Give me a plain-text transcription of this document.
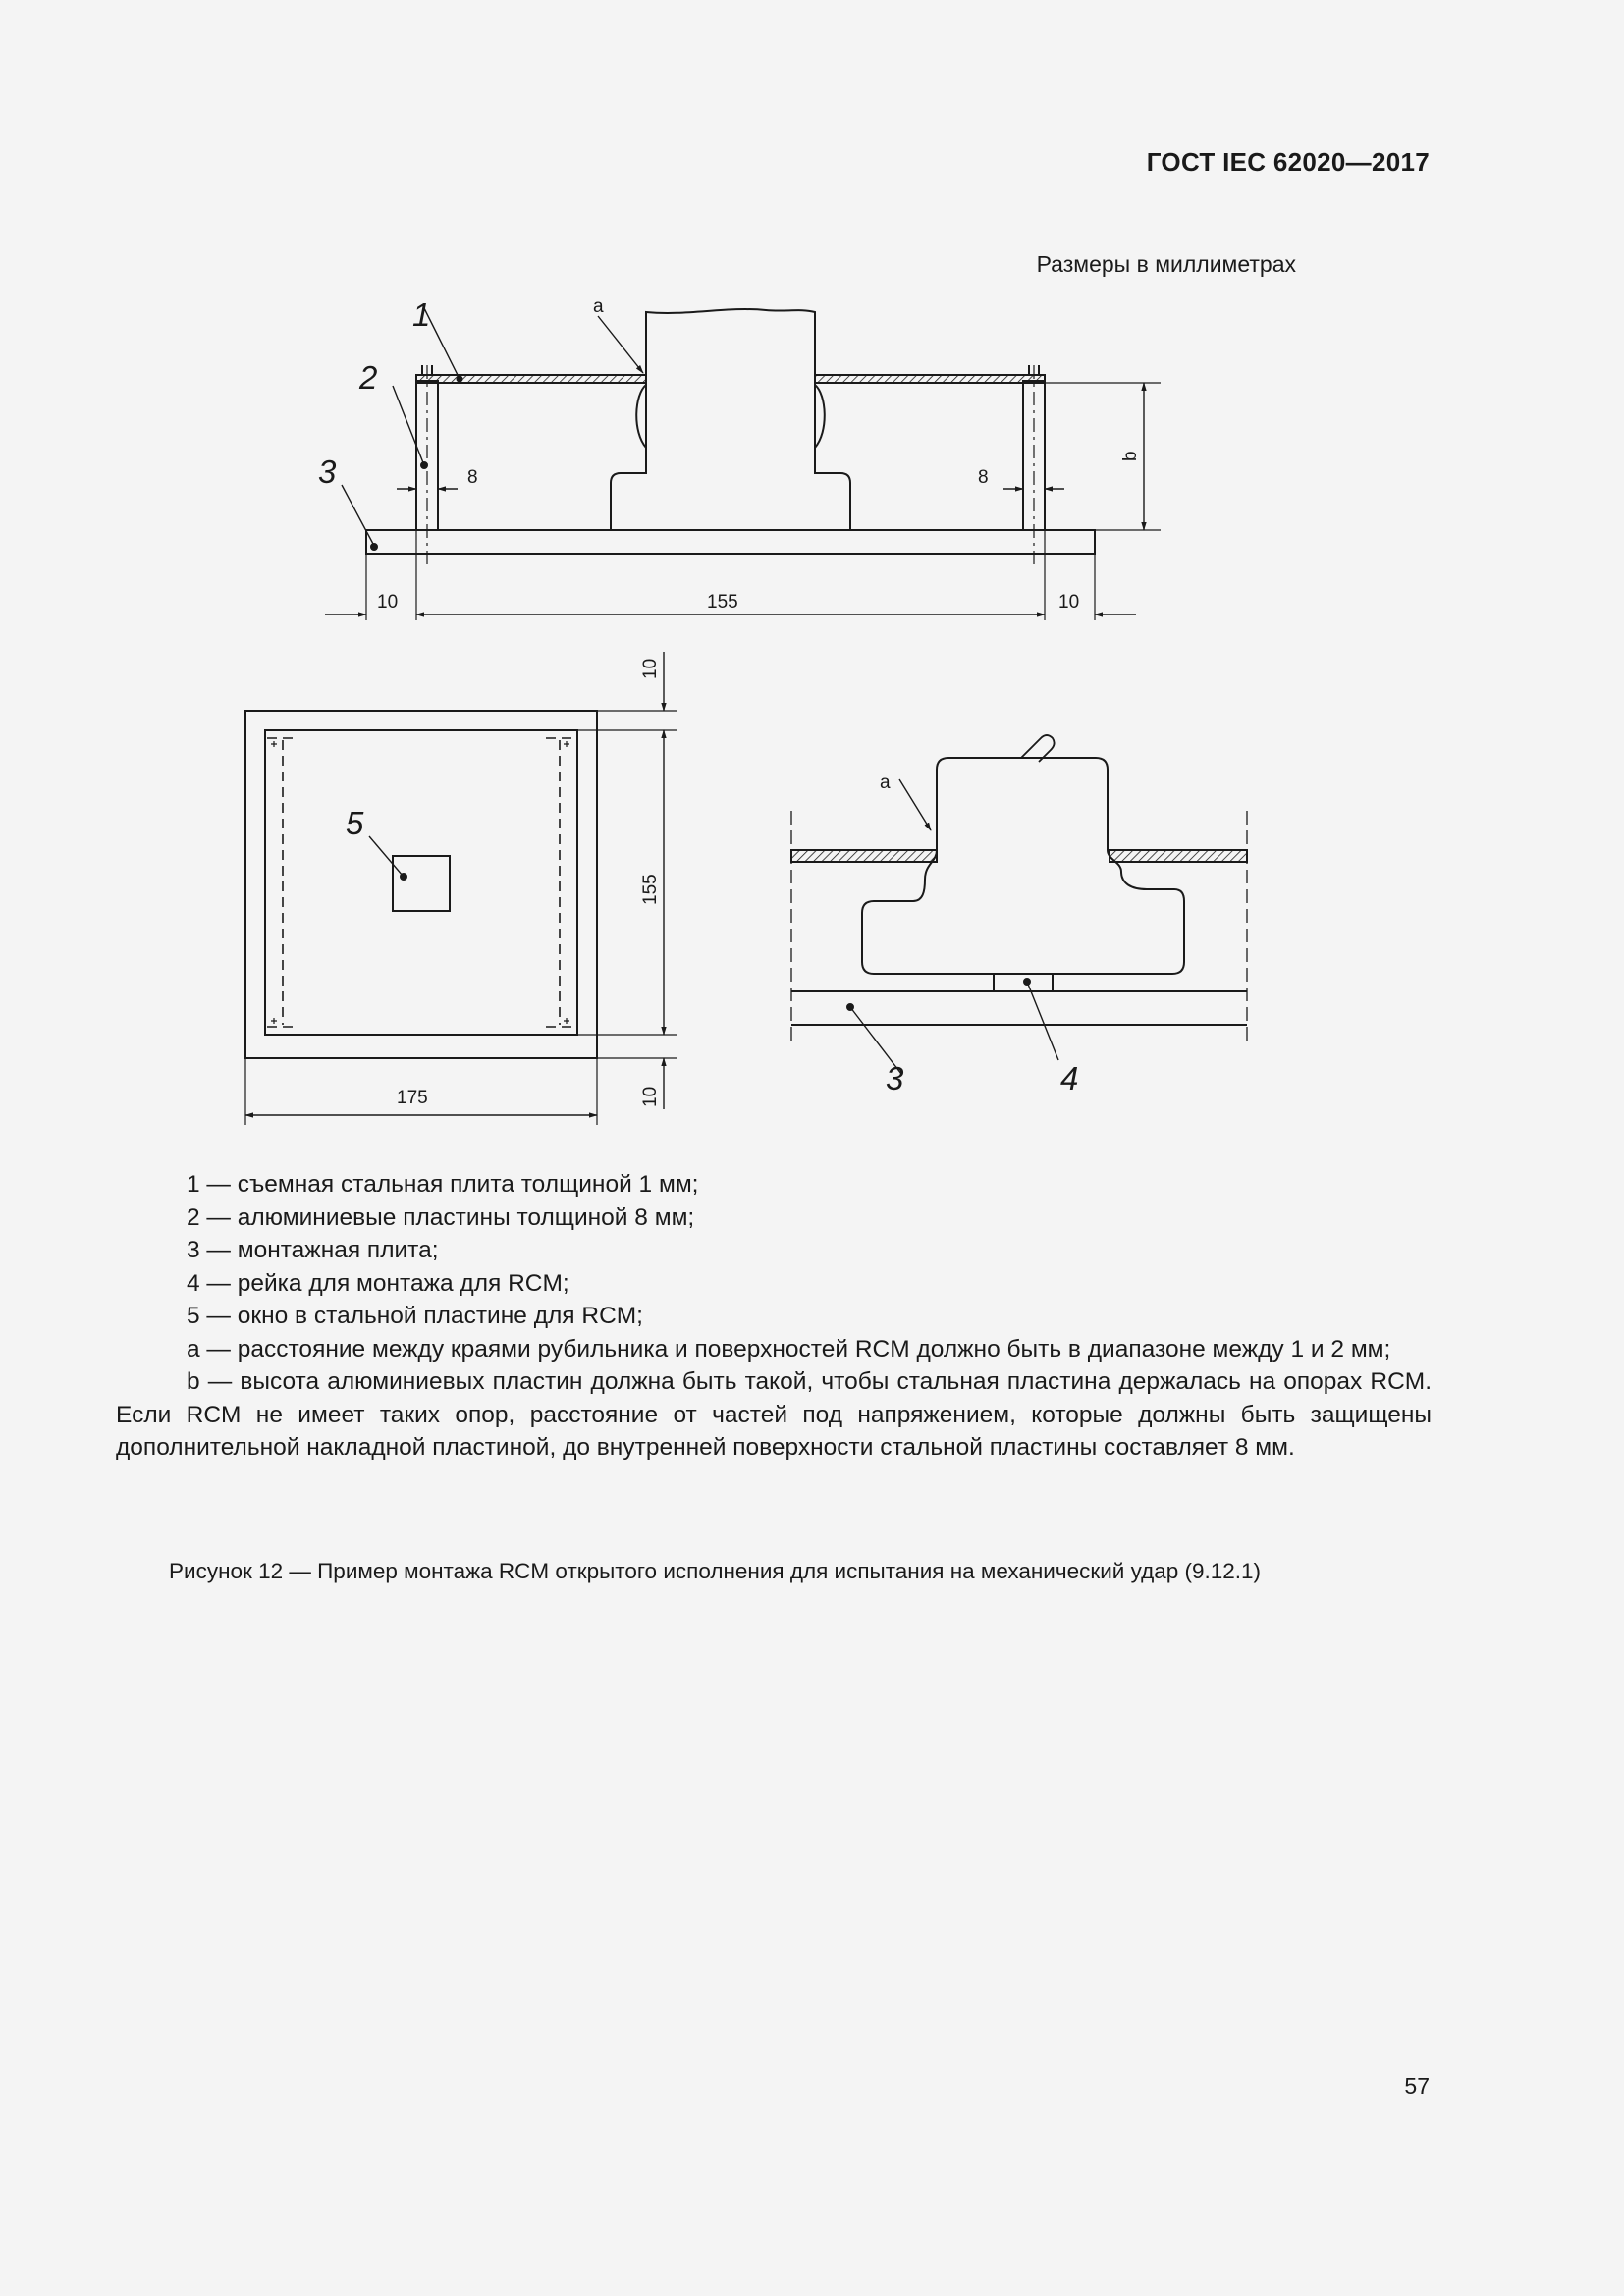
ГОСТ IEC 62020—2017
Размеры в миллиметрах
1
2
3
a
b
8	8
10	155	10
5
10
155
10
175
a
3	4

1 — съемная стальная плита толщиной 1 мм;

2 — алюминиевые пластины толщиной 8 мм;

3 — монтажная плита;

4 — рейка для монтажа для RCM;

5 — окно в стальной пластине для RCM;

a — расстояние между краями рубильника и поверхностей RCM должно быть в диапазоне между 1 и 2 мм;

b — высота алюминиевых пластин должна быть такой, чтобы стальная пластина держалась на опорах RCM. Если RCM не имеет таких опор, расстояние от частей под напряжением, которые должны быть защищены дополнительной накладной пластиной, до внутренней поверхности стальной пластины составляет 8 мм.

Рисунок 12 — Пример монтажа RCM открытого исполнения для испытания на механический удар (9.12.1)
57
